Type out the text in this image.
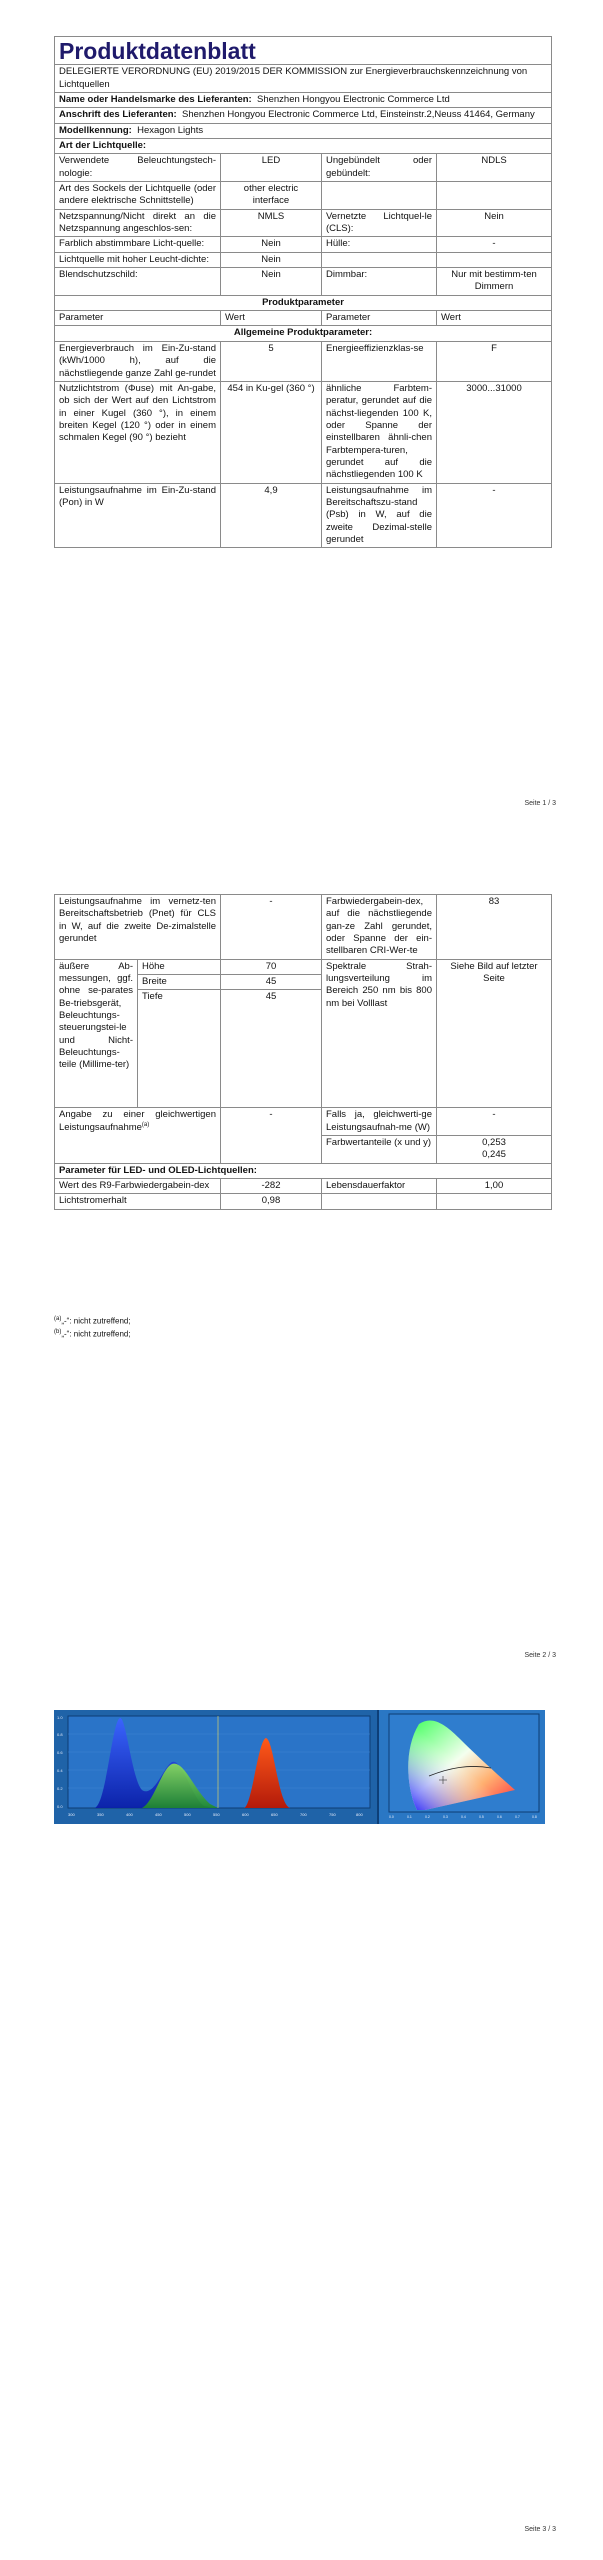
Produktdatenblatt			
DELEGIERTE VERORDNUNG (EU) 2019/2015 DER KOMMISSION zur Energieverbrauchskennzeichnung von Lichtquellen			
Name oder Handelsmarke des Lieferanten: Shenzhen Hongyou Electronic Commerce Ltd			
Anschrift des Lieferanten: Shenzhen Hongyou Electronic Commerce Ltd, Einsteinstr.2,Neuss 41464, Germany			
Modellkennung: Hexagon Lights			
Art der Lichtquelle:			
Verwendete Beleuchtungstech-nologie:	LED	Ungebündelt oder gebündelt:	NDLS
Art des Sockels der Lichtquelle (oder andere elektrische Schnittstelle)	other electric interface		
Netzspannung/Nicht direkt an die Netzspannung angeschlos-sen:	NMLS	Vernetzte Lichtquel-le (CLS):	Nein
Farblich abstimmbare Licht-quelle:	Nein	Hülle:	-
Lichtquelle mit hoher Leucht-dichte:	Nein		
Blendschutzschild:	Nein	Dimmbar:	Nur mit bestimm-ten Dimmern
Produktparameter			
Parameter	Wert	Parameter	Wert
Allgemeine Produktparameter:			
Energieverbrauch im Ein-Zu-stand (kWh/1000 h), auf die nächstliegende ganze Zahl ge-rundet	5	Energieeffizienzklas-se	F
Nutzlichtstrom (Φuse) mit An-gabe, ob sich der Wert auf den Lichtstrom in einer Kugel (360 °), in einem breiten Kegel (120 °) oder in einem schmalen Kegel (90 °) bezieht	454 in Ku-gel (360 °)	ähnliche Farbtem-peratur, gerundet auf die nächst-liegenden 100 K, oder Spanne der einstellbaren ähnli-chen Farbtempera-turen, gerundet auf die nächstliegenden 100 K	3000...31000
Leistungsaufnahme im Ein-Zu-stand (Pon) in W	4,9	Leistungsaufnahme im Bereitschaftszu-stand (Psb) in W, auf die zweite Dezimal-stelle gerundet	-
Seite 1 / 3
Leistungsaufnahme im vernetz-ten Bereitschaftsbetrieb (Pnet) für CLS in W, auf die zweite De-zimalstelle gerundet		-	Farbwiedergabein-dex, auf die nächstliegende gan-ze Zahl gerundet, oder Spanne der ein-stellbaren CRI-Wer-te	83
äußere Ab-messungen, ggf. ohne se-parates Be-triebsgerät, Beleuchtungs-steuerungstei-le und Nicht-Beleuchtungs-teile (Millime-ter)	Höhe	70	Spektrale Strah-lungsverteilung im Bereich 250 nm bis 800 nm bei Volllast	Siehe Bild auf letzter Seite
	Breite	45		
	Tiefe	45		
Angabe zu einer gleichwertigen Leistungsaufnahme$^{(a)}$		-	Falls ja, gleichwerti-ge Leistungsaufnah-me (W)	-
			Farbwertanteile (x und y)	0,253
0,245

Parameter für LED- und OLED-Lichtquellen:				
Wert des R9-Farbwiedergabein-dex		-282	Lebensdauerfaktor	1,00
Lichtstromerhalt		0,98		
$^{(a)}$„-“: nicht zutreffend;
$^{(b)}$„-“: nicht zutreffend;
Seite 2 / 3
300	350	400	450	500	550	600	650	700	750	800
1.0
0.8
0.6
0.4
0.2
0.0
0.0	0.1	0.2	0.3	0.4	0.5	0.6	0.7	0.8
Seite 3 / 3
